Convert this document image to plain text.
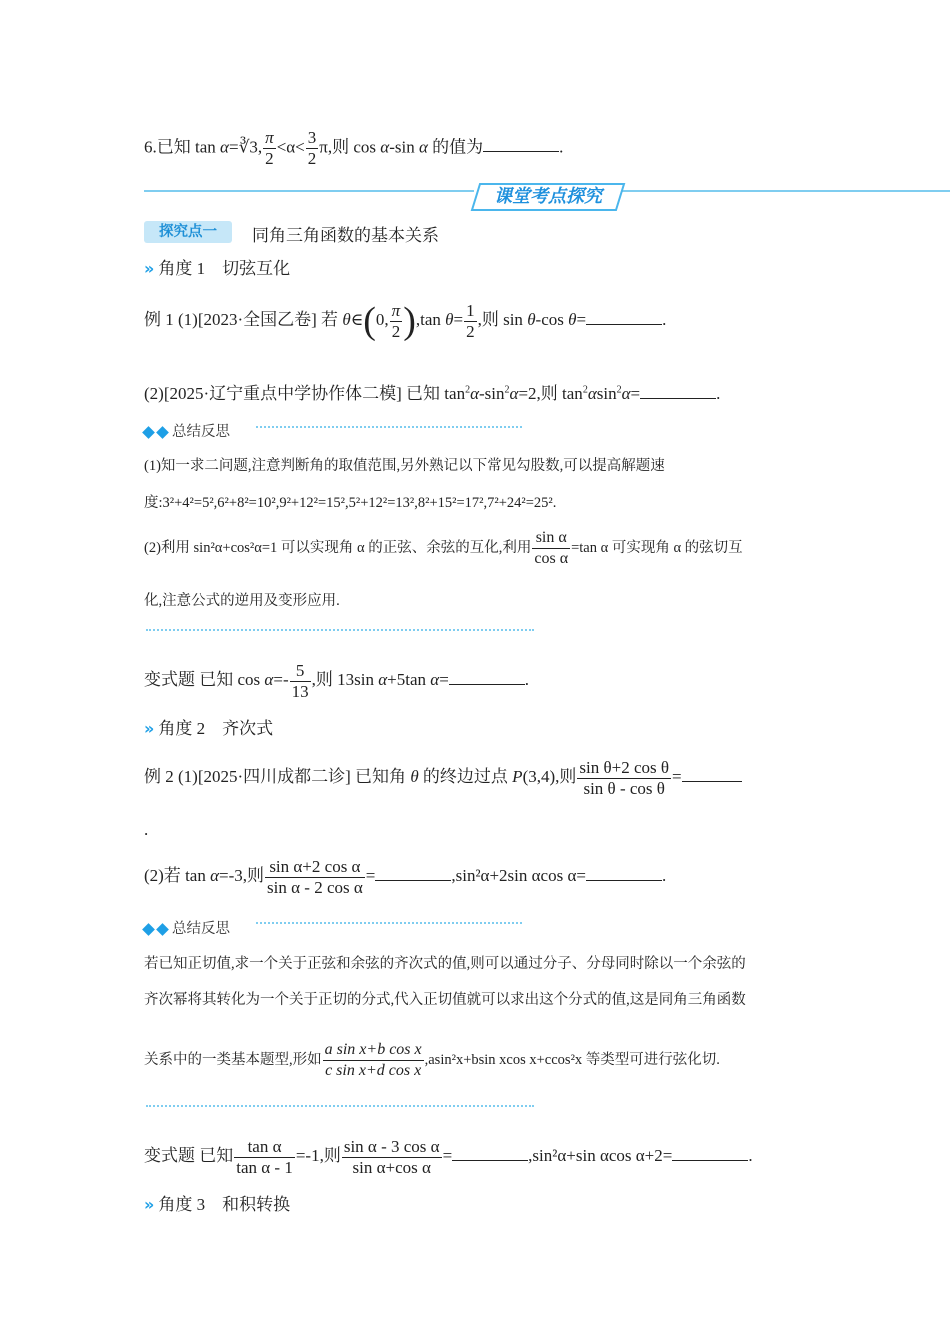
6.已知 tan α=∛3, $\frac{\pi}{2} <\alpha< \frac{3}{2} \pi$,则 cos α-sin α 的值为	.
课堂考点探究
探究点一	同角三角函数的基本关系
» 角度 1　切弦互化
例 1 (1)[2023·全国乙卷] 若 θ∈(0, $\frac{\pi}{2} ),\tan$ $\theta= \frac{1}{2}$ ,则 sin θ-cos θ=	.
(2)[2025·辽宁重点中学协作体二模] 已知 $\tan^2\alpha-\sin^2\alpha=2$,则 $\tan^2\alpha\sin^2\alpha=$	.
总结反思
(1)知一求二问题,注意判断角的取值范围,另外熟记以下常见勾股数,可以提高解题速
度:3²+4²=5²,6²+8²=10²,9²+12²=15²,5²+12²=13²,8²+15²=17²,7²+24²=25².
(2)利用 sin²α+cos²α=1 可以实现角 α 的正弦、余弦的互化,利用 $\frac{\text{sin α}}{\text{cos α}} =\tan$ α 可实现角 α 的弦切互
化,注意公式的逆用及变形应用.
变式题 已知 $\cos \alpha=- \frac{5}{13}$ ,则 13sin α+5tan α=	.
» 角度 2　齐次式
例 2 (1)[2025·四川成都二诊] 已知角 θ 的终边过点 P(3,4),则 $\frac{\text{sin θ+2 cos θ}}{\text{sin θ - cos θ}}$ =
.
(2)若 tan α=-3,则 $\frac{\text{sin α+2 cos α}}{\text{sin α - 2 cos α}}$ =	,sin²α+2sin αcos α=	.
总结反思
若已知正切值,求一个关于正弦和余弦的齐次式的值,则可以通过分子、分母同时除以一个余弦的
齐次幂将其转化为一个关于正切的分式,代入正切值就可以求出这个分式的值,这是同角三角函数
关系中的一类基本题型,形如 $\frac{\text{a sin x+b cos x}}{\text{c sin x+d cos x}} ,asin^2x+bsin$ xcos x+ccos²x 等类型可进行弦化切.
变式题 已知 $\frac{\text{tan α}}{\text{tan α - 1}} =-1$,则 $\frac{\text{sin α - 3 cos α}}{\text{sin α+cos α}}$ =	,sin²α+sin αcos α+2=	.
» 角度 3　和积转换
